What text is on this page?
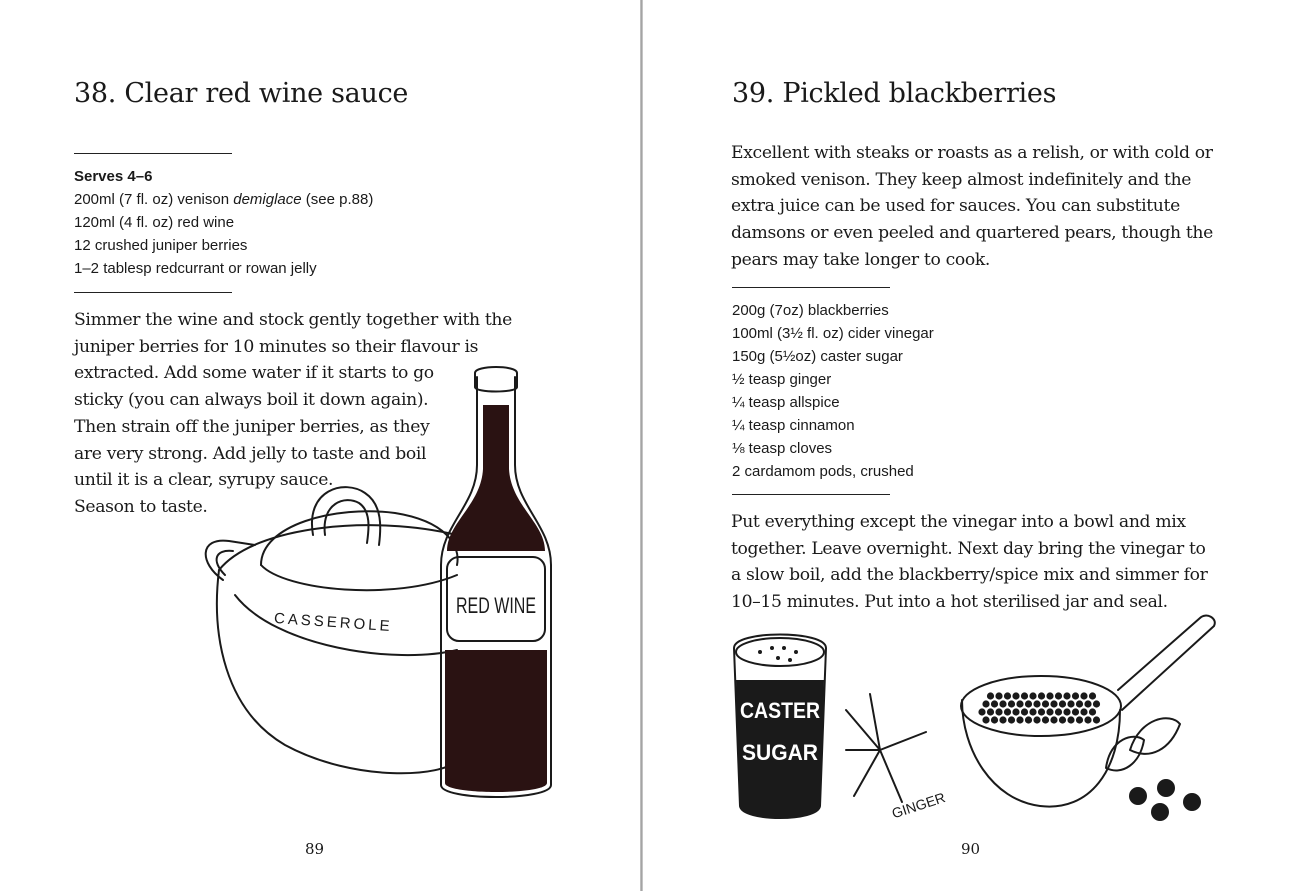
38. Clear red wine sauce
Serves 4–6
200ml (7 fl. oz) venison demiglace (see p.88)
120ml (4 fl. oz) red wine
12 crushed juniper berries
1–2 tablesp redcurrant or rowan jelly
Simmer the wine and stock gently together with the
juniper berries for 10 minutes so their flavour is
extracted. Add some water if it starts to go
sticky (you can always boil it down again).
Then strain off the juniper berries, as they
are very strong. Add jelly to taste and boil
until it is a clear, syrupy sauce.
Season to taste.
CASSEROLE
RED WINE
89
39. Pickled blackberries
Excellent with steaks or roasts as a relish, or with cold or
smoked venison. They keep almost indefinitely and the
extra juice can be used for sauces. You can substitute
damsons or even peeled and quartered pears, though the
pears may take longer to cook.
200g (7oz) blackberries
100ml (3½ fl. oz) cider vinegar
150g (5½oz) caster sugar
½ teasp ginger
¼ teasp allspice
¼ teasp cinnamon
⅛ teasp cloves
2 cardamom pods, crushed
Put everything except the vinegar into a bowl and mix
together. Leave overnight. Next day bring the vinegar to
a slow boil, add the blackberry/spice mix and simmer for
10–15 minutes. Put into a hot sterilised jar and seal.
CASTER
SUGAR
GINGER
90
